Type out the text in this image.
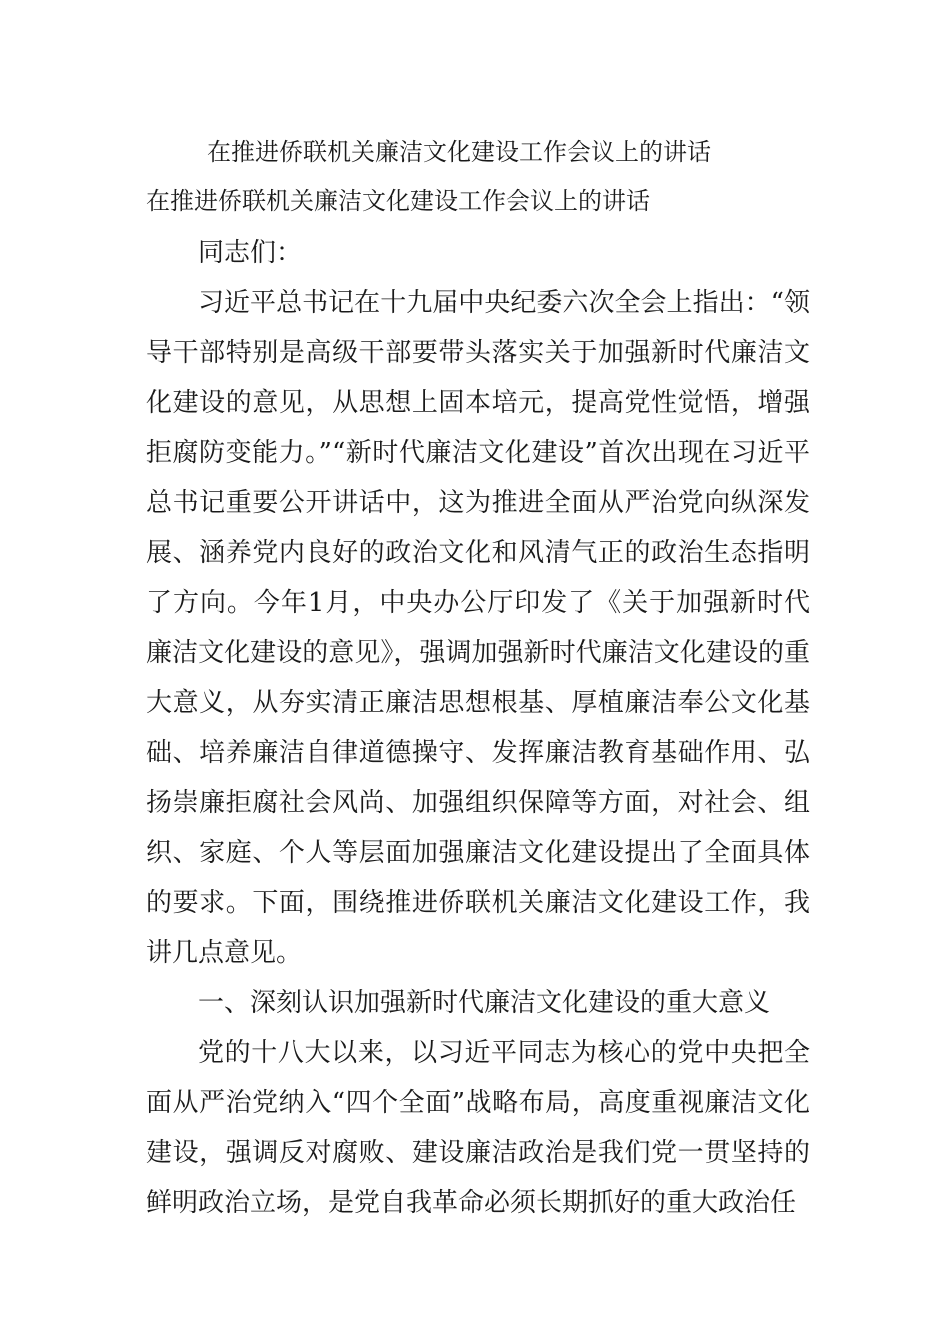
在推进侨联机关廉洁文化建设工作会议上的讲话
在推进侨联机关廉洁文化建设工作会议上的讲话

同志们：

习近平总书记在十九届中央纪委六次全会上指出：“领导干部特别是高级干部要带头落实关于加强新时代廉洁文化建设的意见，从思想上固本培元，提高党性觉悟，增强拒腐防变能力。”“新时代廉洁文化建设”首次出现在习近平总书记重要公开讲话中，这为推进全面从严治党向纵深发展、涵养党内良好的政治文化和风清气正的政治生态指明了方向。今年1月，中央办公厅印发了《关于加强新时代廉洁文化建设的意见》，强调加强新时代廉洁文化建设的重大意义，从夯实清正廉洁思想根基、厚植廉洁奉公文化基础、培养廉洁自律道德操守、发挥廉洁教育基础作用、弘扬崇廉拒腐社会风尚、加强组织保障等方面，对社会、组织、家庭、个人等层面加强廉洁文化建设提出了全面具体的要求。下面，围绕推进侨联机关廉洁文化建设工作，我讲几点意见。

一、深刻认识加强新时代廉洁文化建设的重大意义

党的十八大以来，以习近平同志为核心的党中央把全面从严治党纳入“四个全面”战略布局，高度重视廉洁文化建设，强调反对腐败、建设廉洁政治是我们党一贯坚持的鲜明政治立场，是党自我革命必须长期抓好的重大政治任
